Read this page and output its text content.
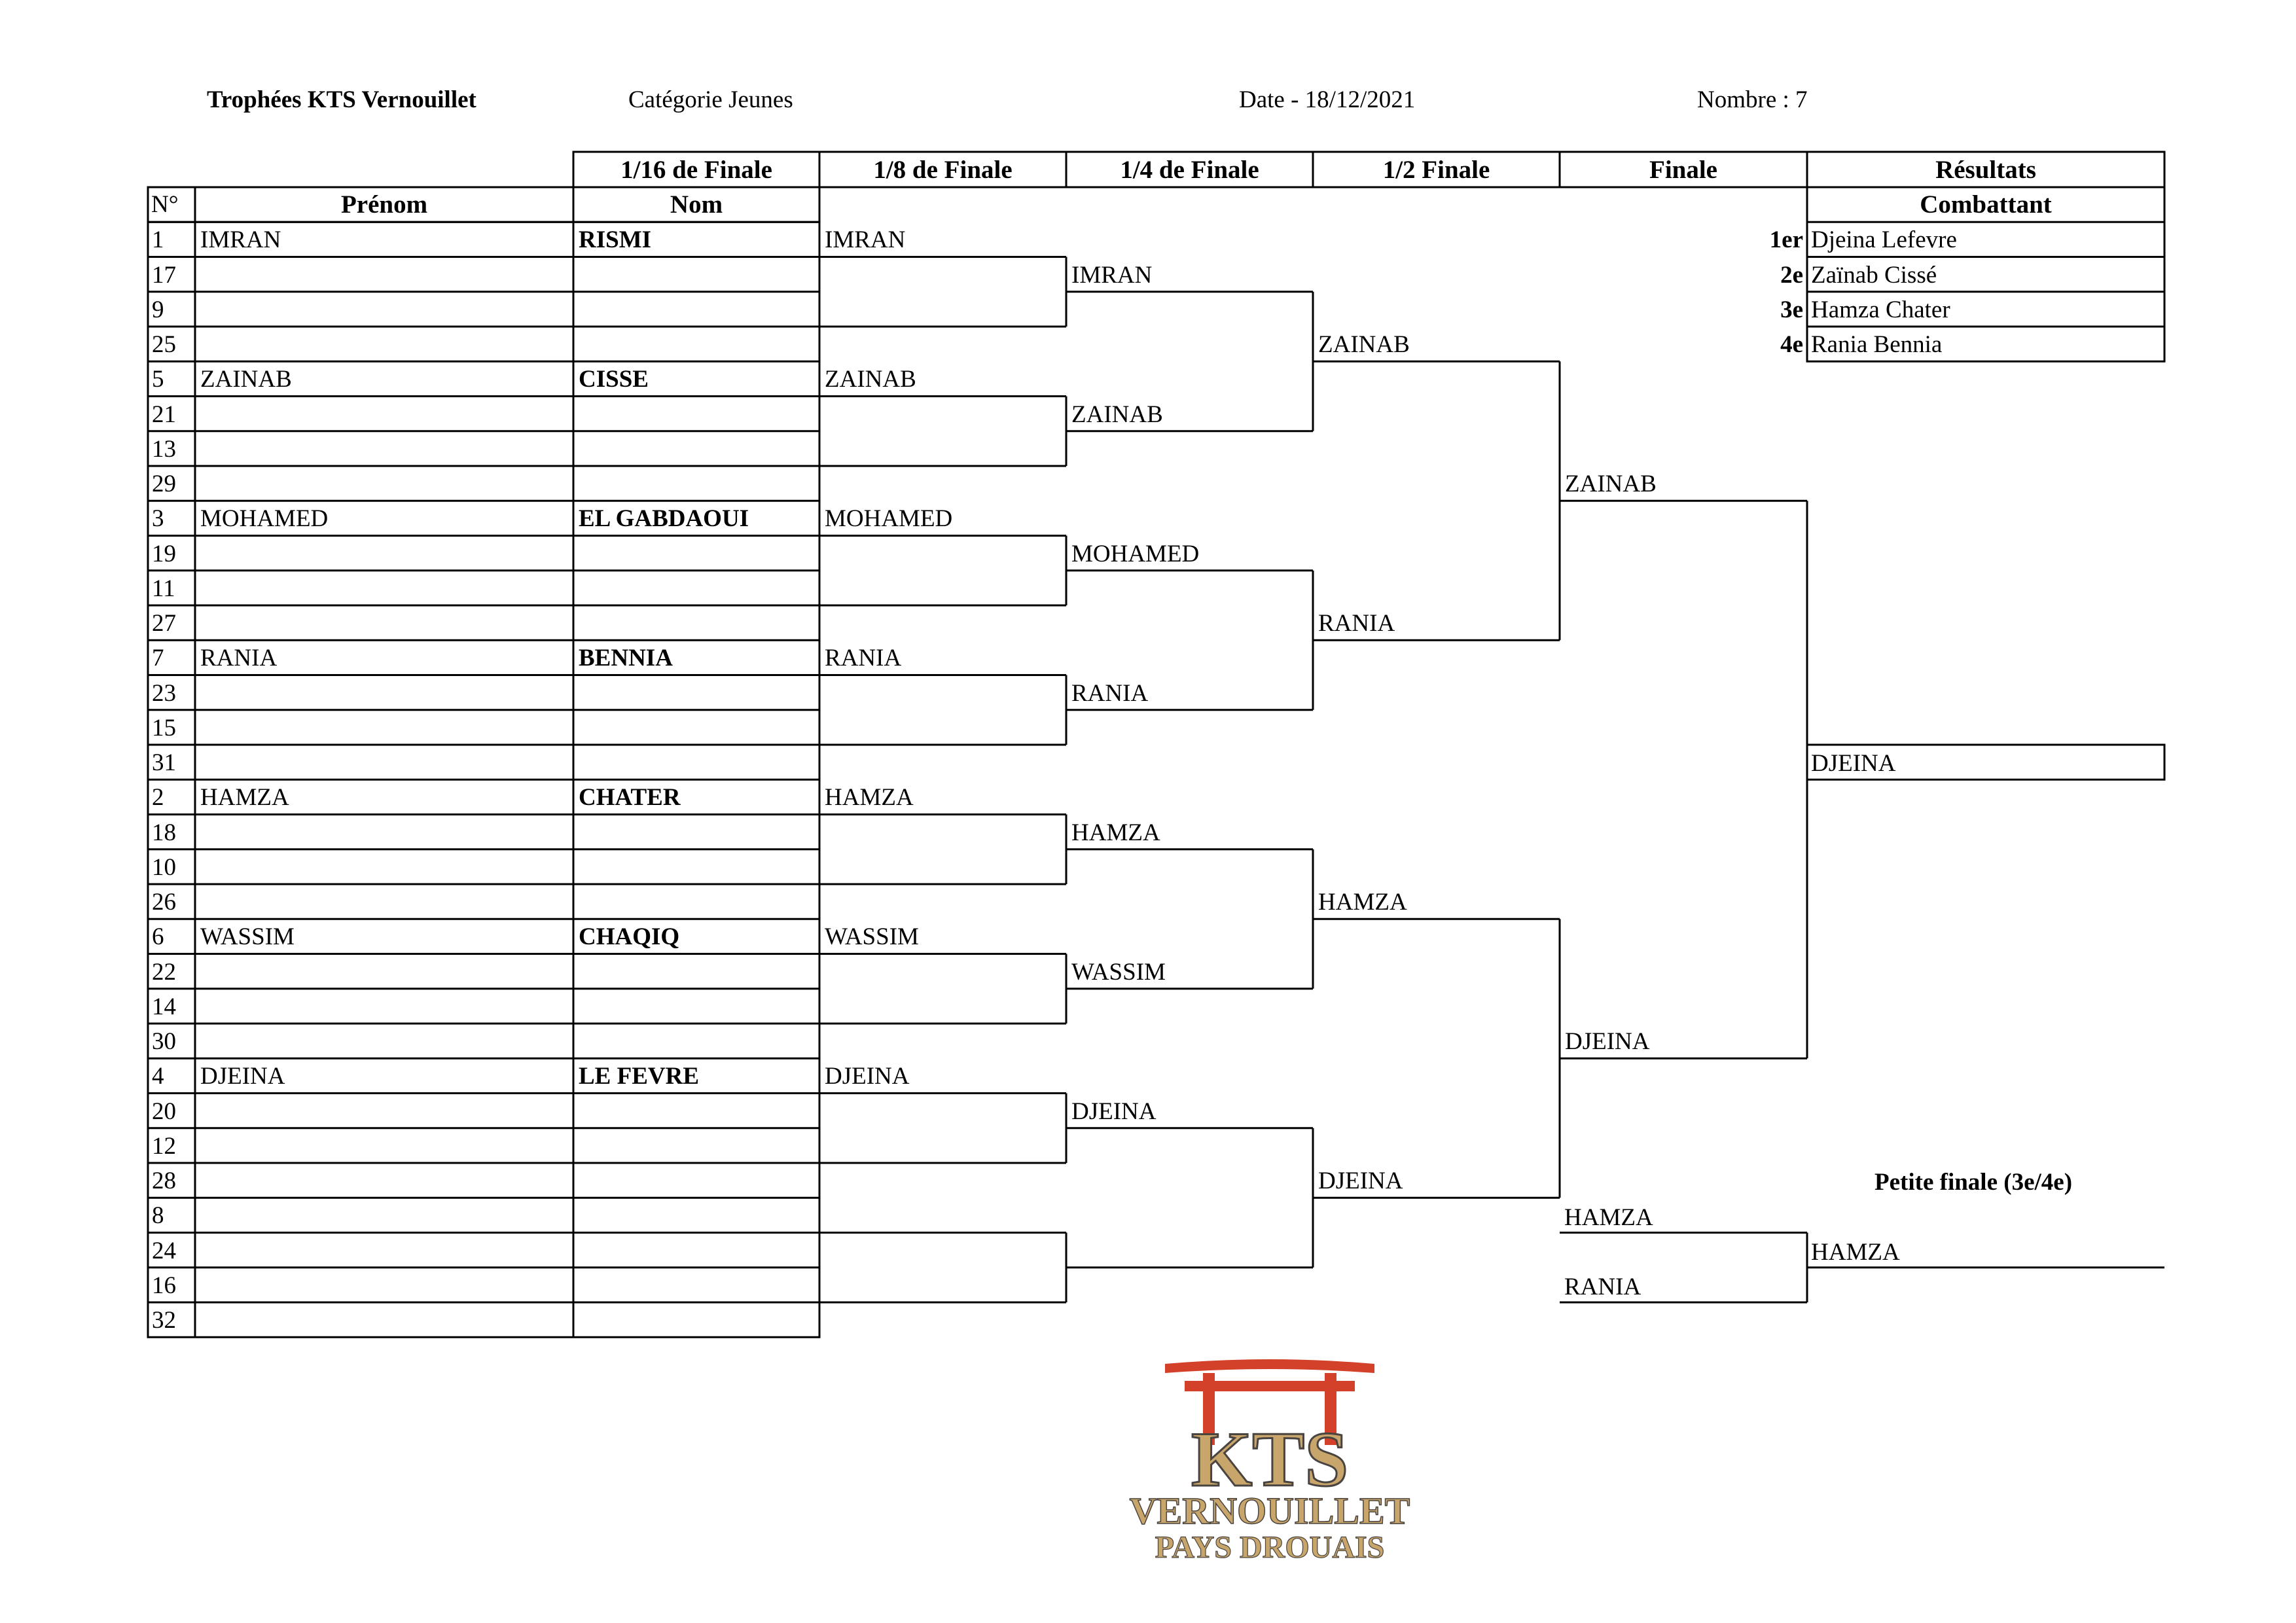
Trophées KTS Vernouillet	Catégorie Jeunes	Date - 18/12/2021	Nombre : 7
1/16 de Finale	1/8 de Finale	1/4 de Finale	1/2 Finale	Finale	Résultats
N°	Prénom	Nom	Combattant
1 IMRAN	RISMI
17
9
25
5 ZAINAB	CISSE
21
13
29
3 MOHAMED	EL GABDAOUI
19
11
27
7 RANIA	BENNIA
23
15
31
2 HAMZA	CHATER
18
10
26
6 WASSIM	CHAQIQ
22
14
30
4 DJEINA	LE FEVRE
20
12
28
8
24
16
32
IMRAN
ZAINAB
MOHAMED
RANIA
HAMZA
WASSIM
DJEINA
IMRAN
ZAINAB
MOHAMED
RANIA
HAMZA
WASSIM
DJEINA
ZAINAB
RANIA
HAMZA
DJEINA
ZAINAB
DJEINA
1er Djeina Lefevre
2e Zaïnab Cissé
3e Hamza Chater
4e Rania Bennia
Petite finale (3e/4e)
HAMZA
RANIA
HAMZA
DJEINA
KTS
VERNOUILLET
PAYS DROUAIS
